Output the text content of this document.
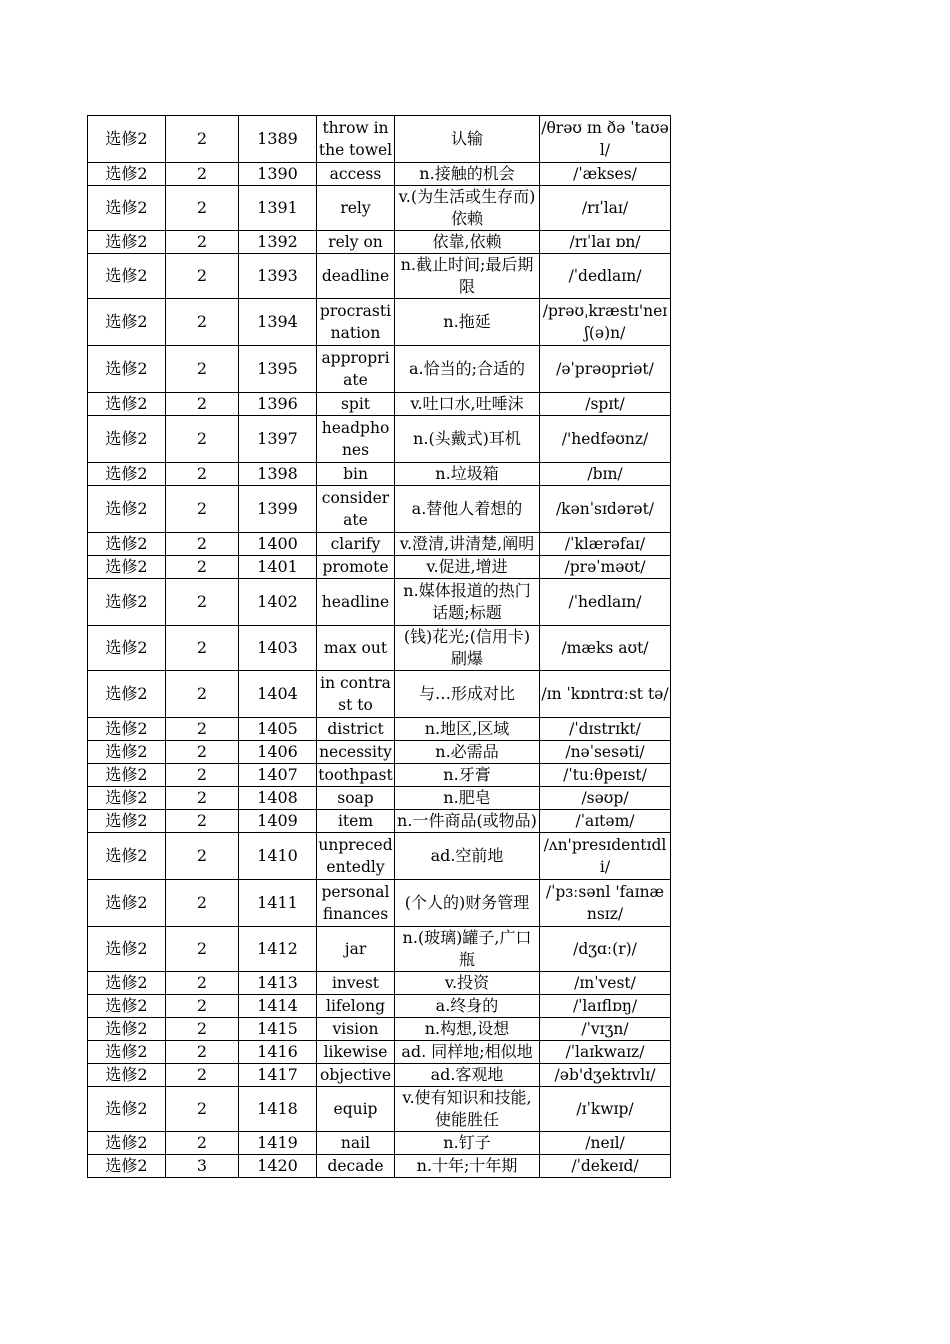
选修2	2	1389	throw in the towel	认输	/θrəʊ ɪn ðə ˈtaʊəl/

选修2	2	1390	access	n.接触的机会	/ˈækses/

选修2	2	1391	rely	v.(为生活或生存而)依赖	/rɪˈlaɪ/

选修2	2	1392	rely on	依靠,依赖	/rɪˈlaɪ ɒn/

选修2	2	1393	deadline	n.截止时间;最后期限	/ˈdedlaɪn/

选修2	2	1394	procrastination	n.拖延	/prəʊˌkræstɪ'neɪʃ(ə)n/

选修2	2	1395	appropriate	a.恰当的;合适的	/əˈprəʊpriət/

选修2	2	1396	spit	v.吐口水,吐唾沫	/spɪt/

选修2	2	1397	headphones	n.(头戴式)耳机	/'hedfəʊnz/

选修2	2	1398	bin	n.垃圾箱	/bɪn/

选修2	2	1399	considerate	a.替他人着想的	/kənˈsɪdərət/

选修2	2	1400	clarify	v.澄清,讲清楚,阐明	/ˈklærəfaɪ/

选修2	2	1401	promote	v.促进,增进	/prəˈməʊt/

选修2	2	1402	headline	n.媒体报道的热门话题;标题	/ˈhedlaɪn/

选修2	2	1403	max out	(钱)花光;(信用卡)刷爆	/mæks aʊt/

选修2	2	1404	in contrast to	与…形成对比	/ɪn ˈkɒntrɑːst tə/

选修2	2	1405	district	n.地区,区域	/ˈdɪstrɪkt/

选修2	2	1406	necessity	n.必需品	/nəˈsesəti/

选修2	2	1407	toothpast	n.牙膏	/ˈtuːθpeɪst/

选修2	2	1408	soap	n.肥皂	/səʊp/

选修2	2	1409	item	n.一件商品(或物品)	/ˈaɪtəm/

选修2	2	1410	unprecedentedly	ad.空前地	/ʌn'presɪdentɪdli/

选修2	2	1411	personal finances	(个人的)财务管理	/ˈpɜːsənl 'faɪnænsɪz/

选修2	2	1412	jar	n.(玻璃)罐子,广口瓶	/dʒɑː(r)/

选修2	2	1413	invest	v.投资	/ɪnˈvest/

选修2	2	1414	lifelong	a.终身的	/ˈlaɪflɒŋ/

选修2	2	1415	vision	n.构想,设想	/ˈvɪʒn/

选修2	2	1416	likewise	ad. 同样地;相似地	/ˈlaɪkwaɪz/

选修2	2	1417	objective	ad.客观地	/əb'dʒektɪvlɪ/

选修2	2	1418	equip	v.使有知识和技能,使能胜任	/ɪˈkwɪp/

选修2	2	1419	nail	n.钉子	/neɪl/

选修2	3	1420	decade	n.十年;十年期	/ˈdekeɪd/
